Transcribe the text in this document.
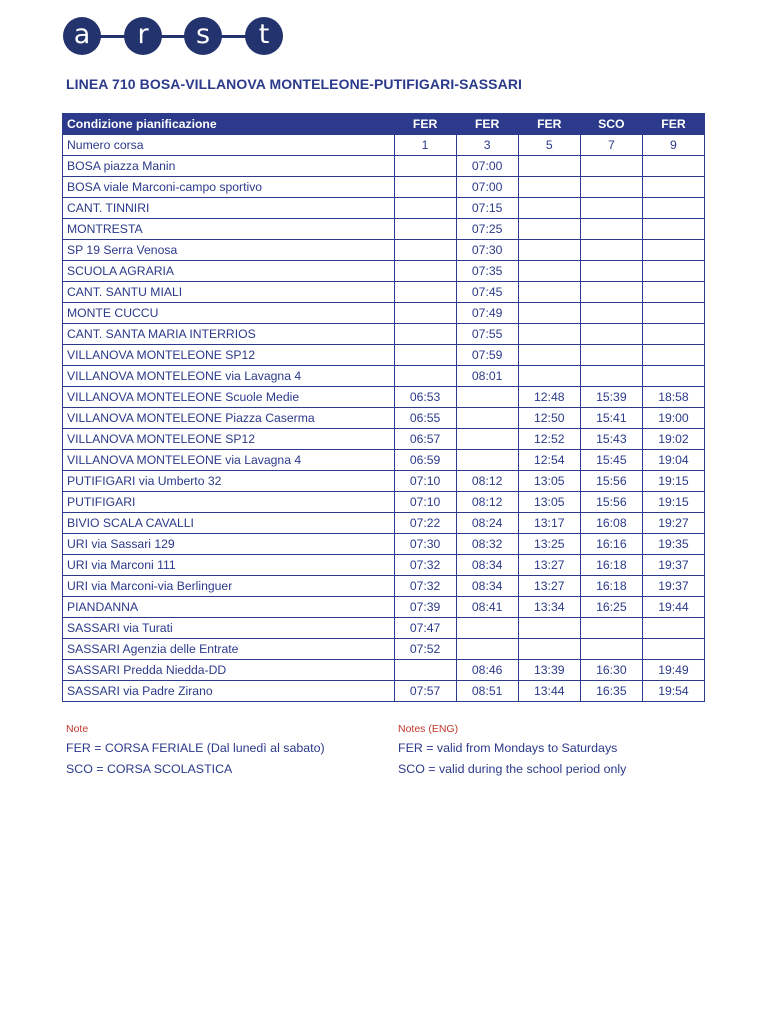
a	r	s	t
LINEA 710 BOSA-VILLANOVA MONTELEONE-PUTIFIGARI-SASSARI
Condizione pianificazione	FER	FER	FER	SCO	FER
Numero corsa	1	3	5	7	9
BOSA piazza Manin		07:00			
BOSA viale Marconi-campo sportivo		07:00			
CANT. TINNIRI		07:15			
MONTRESTA		07:25			
SP 19 Serra Venosa		07:30			
SCUOLA AGRARIA		07:35			
CANT. SANTU MIALI		07:45			
MONTE CUCCU		07:49			
CANT. SANTA MARIA INTERRIOS		07:55			
VILLANOVA MONTELEONE SP12		07:59			
VILLANOVA MONTELEONE via Lavagna 4		08:01			
VILLANOVA MONTELEONE Scuole Medie	06:53		12:48	15:39	18:58
VILLANOVA MONTELEONE Piazza Caserma	06:55		12:50	15:41	19:00
VILLANOVA MONTELEONE SP12	06:57		12:52	15:43	19:02
VILLANOVA MONTELEONE via Lavagna 4	06:59		12:54	15:45	19:04
PUTIFIGARI via Umberto 32	07:10	08:12	13:05	15:56	19:15
PUTIFIGARI	07:10	08:12	13:05	15:56	19:15
BIVIO SCALA CAVALLI	07:22	08:24	13:17	16:08	19:27
URI via Sassari 129	07:30	08:32	13:25	16:16	19:35
URI via Marconi 111	07:32	08:34	13:27	16:18	19:37
URI via Marconi-via Berlinguer	07:32	08:34	13:27	16:18	19:37
PIANDANNA	07:39	08:41	13:34	16:25	19:44
SASSARI via Turati	07:47				
SASSARI Agenzia delle Entrate	07:52				
SASSARI Predda Niedda-DD		08:46	13:39	16:30	19:49
SASSARI via Padre Zirano	07:57	08:51	13:44	16:35	19:54
Note
FER = CORSA FERIALE (Dal lunedì al sabato)
SCO = CORSA SCOLASTICA
Notes (ENG)
FER = valid from Mondays to Saturdays
SCO = valid during the school period only
